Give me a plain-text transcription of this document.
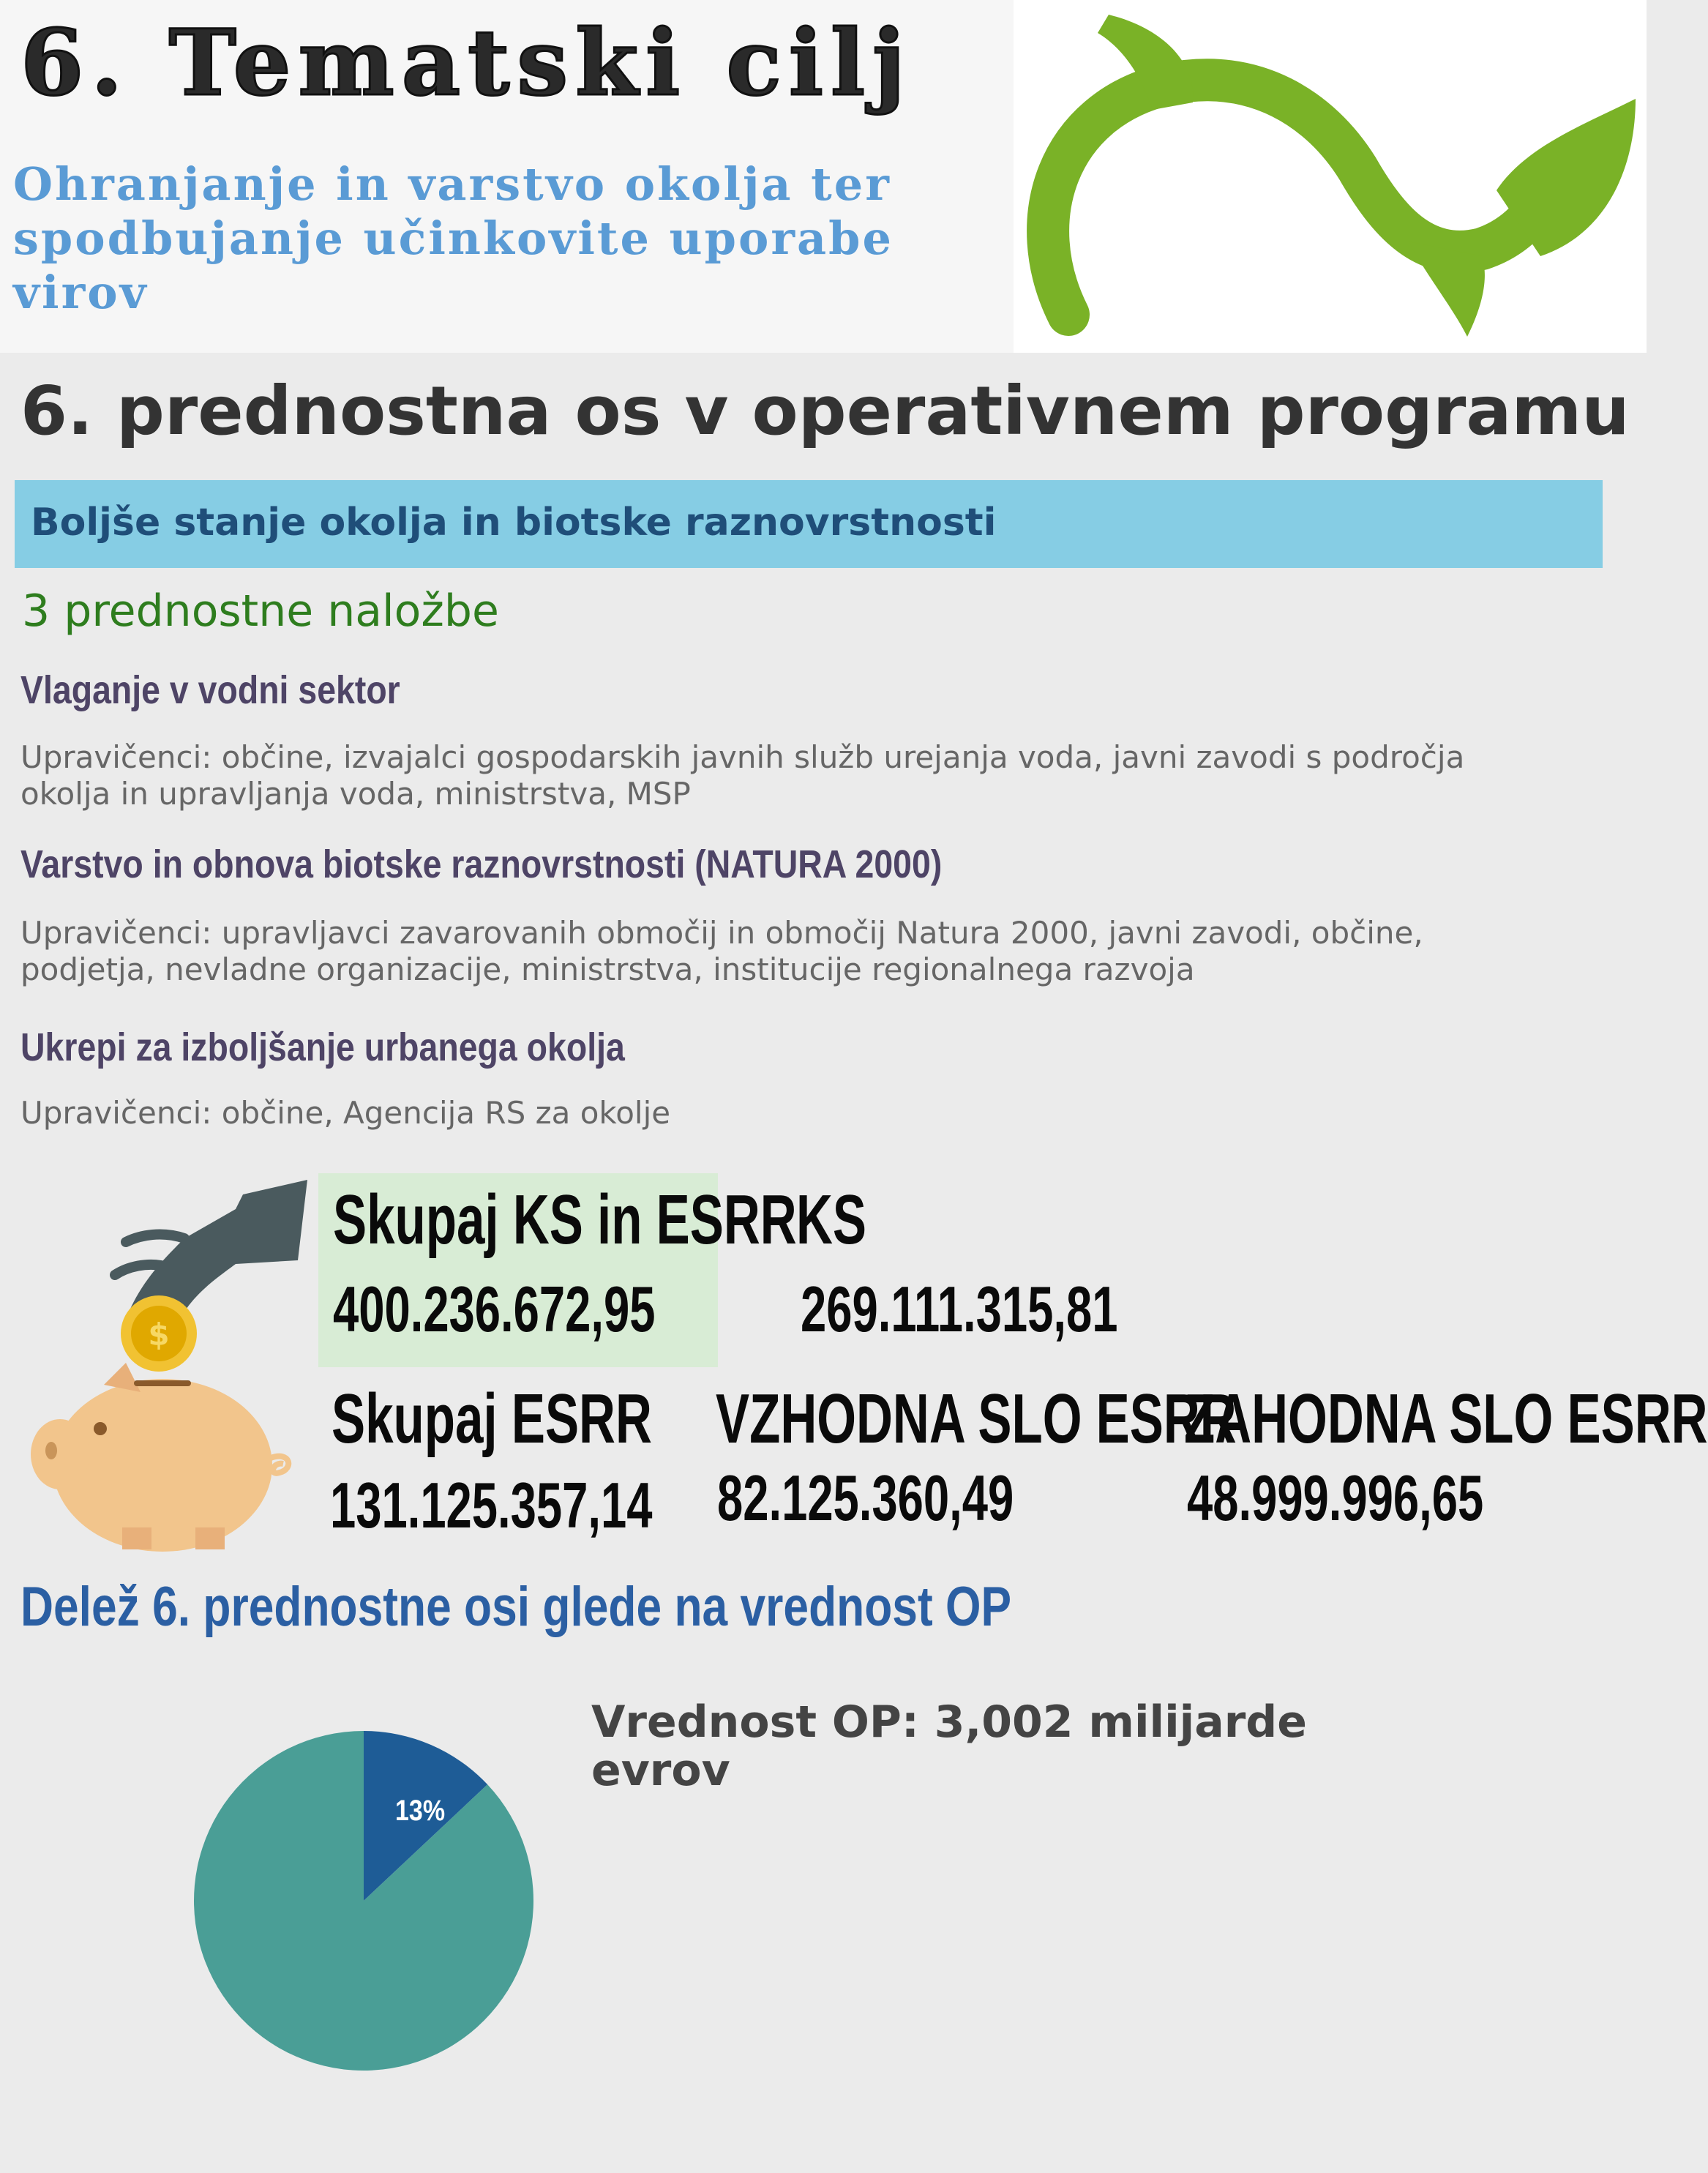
6. Tematski cilj

Ohranjanje in varstvo okolja ter spodbujanje učinkovite uporabe virov

6. prednostna os v operativnem programu
Boljše stanje okolja in biotske raznovrstnosti
3 prednostne naložbe
Vlaganje v vodni sektor
Upravičenci: občine, izvajalci gospodarskih javnih služb urejanja voda, javni zavodi s področja okolja in upravljanja voda, ministrstva, MSP
Varstvo in obnova biotske raznovrstnosti (NATURA 2000)
Upravičenci: upravljavci zavarovanih območij in območij Natura 2000, javni zavodi, občine, podjetja, nevladne organizacije, ministrstva, institucije regionalnega razvoja
Ukrepi za izboljšanje urbanega okolja
Upravičenci: občine, Agencija RS za okolje
$
Skupaj KS in ESRR
400.236.672,95
KS
269.111.315,81
Skupaj ESRR
131.125.357,14
VZHODNA SLO ESRR
82.125.360,49
ZAHODNA SLO ESRR
48.999.996,65
Delež 6. prednostne osi glede na vrednost OP

Vrednost OP: 3,002 milijarde evrov

13%
